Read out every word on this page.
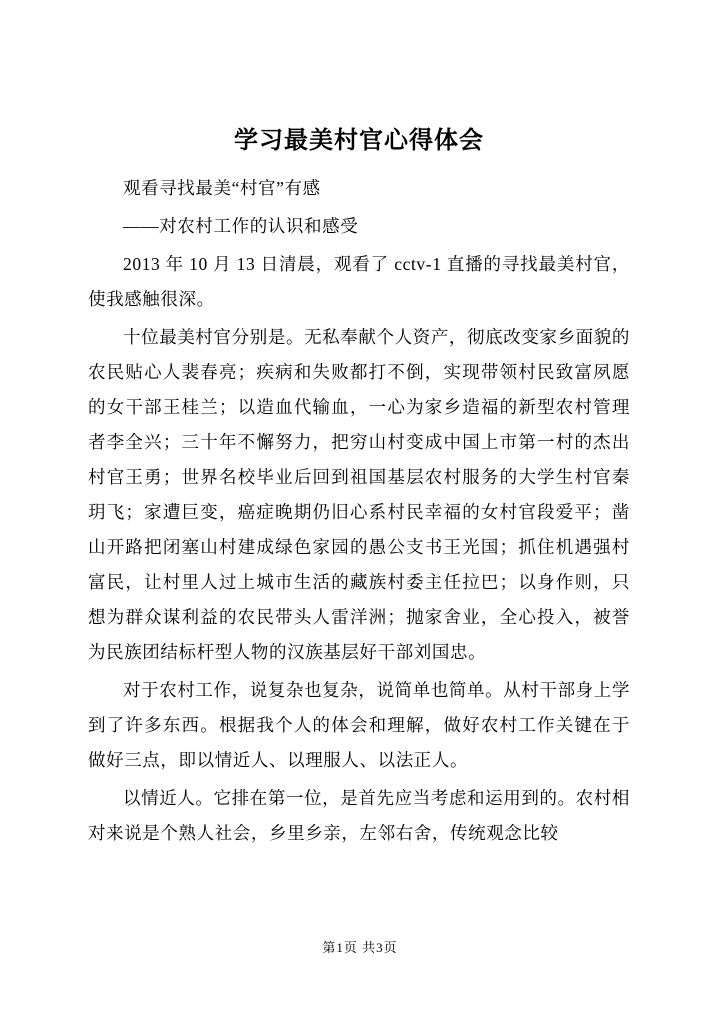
学习最美村官心得体会

观看寻找最美“村官”有感

——对农村工作的认识和感受

2013 年 10 月 13 日清晨，观看了 cctv-1 直播的寻找最美村官，使我感触很深。

十位最美村官分别是。无私奉献个人资产，彻底改变家乡面貌的农民贴心人裴春亮；疾病和失败都打不倒，实现带领村民致富夙愿的女干部王桂兰；以造血代输血，一心为家乡造福的新型农村管理者李全兴；三十年不懈努力，把穷山村变成中国上市第一村的杰出村官王勇；世界名校毕业后回到祖国基层农村服务的大学生村官秦玥飞；家遭巨变，癌症晚期仍旧心系村民幸福的女村官段爱平；凿山开路把闭塞山村建成绿色家园的愚公支书王光国；抓住机遇强村富民，让村里人过上城市生活的藏族村委主任拉巴；以身作则，只想为群众谋利益的农民带头人雷洋洲；抛家舍业，全心投入，被誉为民族团结标杆型人物的汉族基层好干部刘国忠。

对于农村工作，说复杂也复杂，说简单也简单。从村干部身上学到了许多东西。根据我个人的体会和理解，做好农村工作关键在于做好三点，即以情近人、以理服人、以法正人。

以情近人。它排在第一位，是首先应当考虑和运用到的。农村相对来说是个熟人社会，乡里乡亲，左邻右舍，传统观念比较

第1页 共3页
